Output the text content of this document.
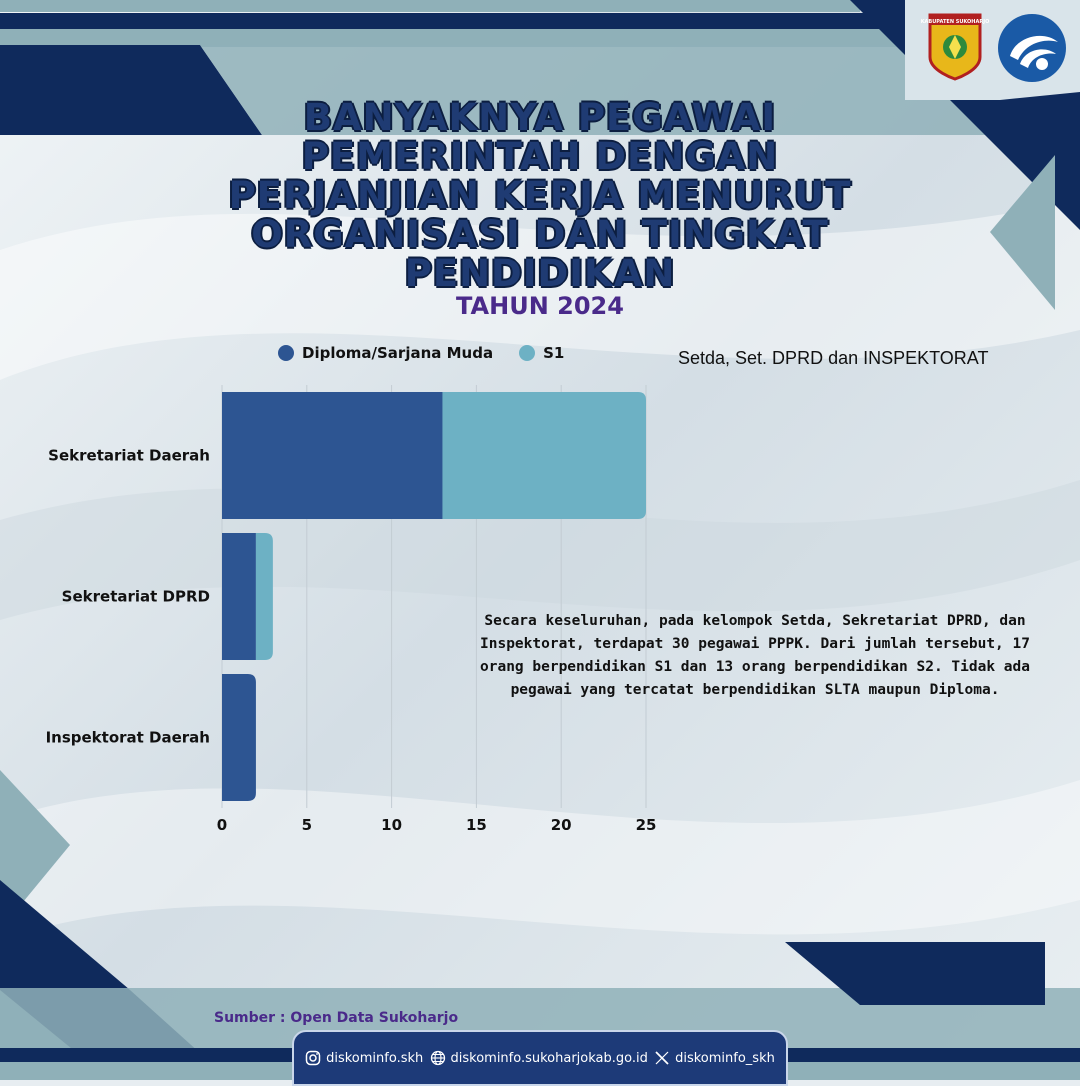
KABUPATEN SUKOHARJO
BANYAKNYA PEGAWAI PEMERINTAH DENGAN PERJANJIAN KERJA MENURUT ORGANISASI DAN TINGKAT PENDIDIKAN
TAHUN 2024
Diploma/Sarjana Muda	S1	Setda, Set. DPRD dan INSPEKTORAT
0	5	10	15	20	25
Sekretariat Daerah
Sekretariat DPRD
Inspektorat Daerah
Secara keseluruhan, pada kelompok Setda, Sekretariat DPRD, dan Inspektorat, terdapat 30 pegawai PPPK. Dari jumlah tersebut, 17 orang berpendidikan S1 dan 13 orang berpendidikan S2. Tidak ada pegawai yang tercatat berpendidikan SLTA maupun Diploma.
Sumber : Open Data Sukoharjo
diskominfo.skh diskominfo.sukoharjokab.go.id diskominfo_skh
